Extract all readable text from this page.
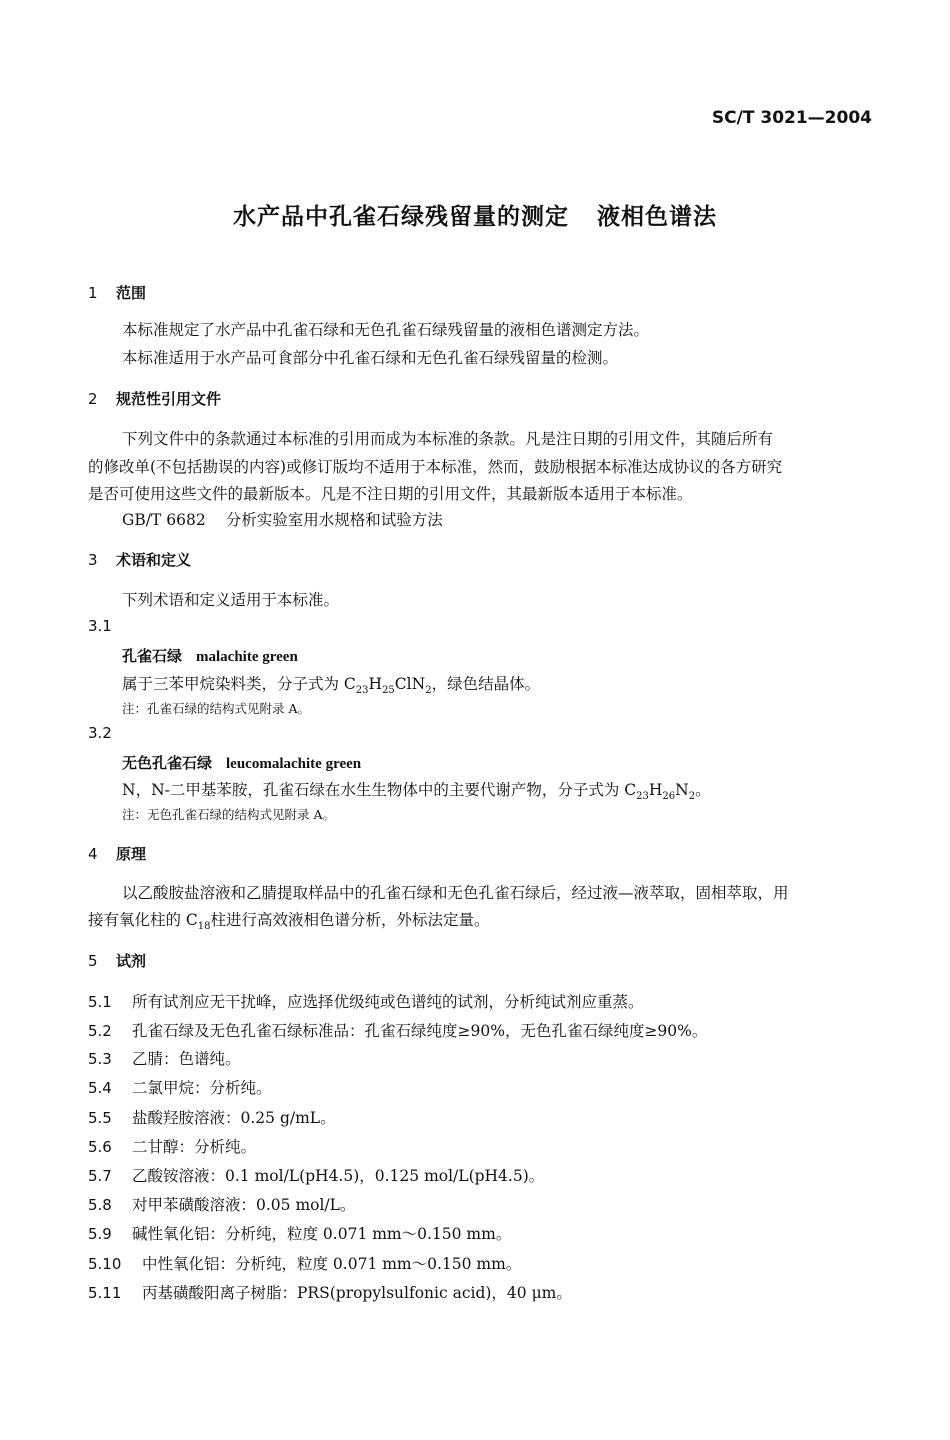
SC/T 3021—2004
水产品中孔雀石绿残留量的测定 液相色谱法
1 范围
本标准规定了水产品中孔雀石绿和无色孔雀石绿残留量的液相色谱测定方法。
本标准适用于水产品可食部分中孔雀石绿和无色孔雀石绿残留量的检测。
2 规范性引用文件
下列文件中的条款通过本标准的引用而成为本标准的条款。凡是注日期的引用文件，其随后所有
的修改单(不包括勘误的内容)或修订版均不适用于本标准，然而，鼓励根据本标准达成协议的各方研究
是否可使用这些文件的最新版本。凡是不注日期的引用文件，其最新版本适用于本标准。
GB/T 6682 分析实验室用水规格和试验方法
3 术语和定义
下列术语和定义适用于本标准。
3.1
孔雀石绿 malachite green
属于三苯甲烷染料类，分子式为 $C_{23}H_{25}ClN_2$，绿色结晶体。
注：孔雀石绿的结构式见附录 A。
3.2
无色孔雀石绿 leucomalachite green
N，N-二甲基苯胺，孔雀石绿在水生生物体中的主要代谢产物，分子式为 $C_{23}H_{26}N_2$。
注：无色孔雀石绿的结构式见附录 A。
4 原理
以乙酸胺盐溶液和乙腈提取样品中的孔雀石绿和无色孔雀石绿后，经过液—液萃取，固相萃取，用
接有氧化柱的 $C_{18}$柱进行高效液相色谱分析，外标法定量。
5 试剂
5.1 所有试剂应无干扰峰，应选择优级纯或色谱纯的试剂，分析纯试剂应重蒸。
5.2 孔雀石绿及无色孔雀石绿标准品：孔雀石绿纯度≥90%，无色孔雀石绿纯度≥90%。
5.3 乙腈：色谱纯。
5.4 二氯甲烷：分析纯。
5.5 盐酸羟胺溶液：0.25 g/mL。
5.6 二甘醇：分析纯。
5.7 乙酸铵溶液：0.1 mol/L(pH4.5)，0.125 mol/L(pH4.5)。
5.8 对甲苯磺酸溶液：0.05 mol/L。
5.9 碱性氧化铝：分析纯，粒度 0.071 mm～0.150 mm。
5.10 中性氧化铝：分析纯，粒度 0.071 mm～0.150 mm。
5.11 丙基磺酸阳离子树脂：PRS(propylsulfonic acid)，40 μm。
